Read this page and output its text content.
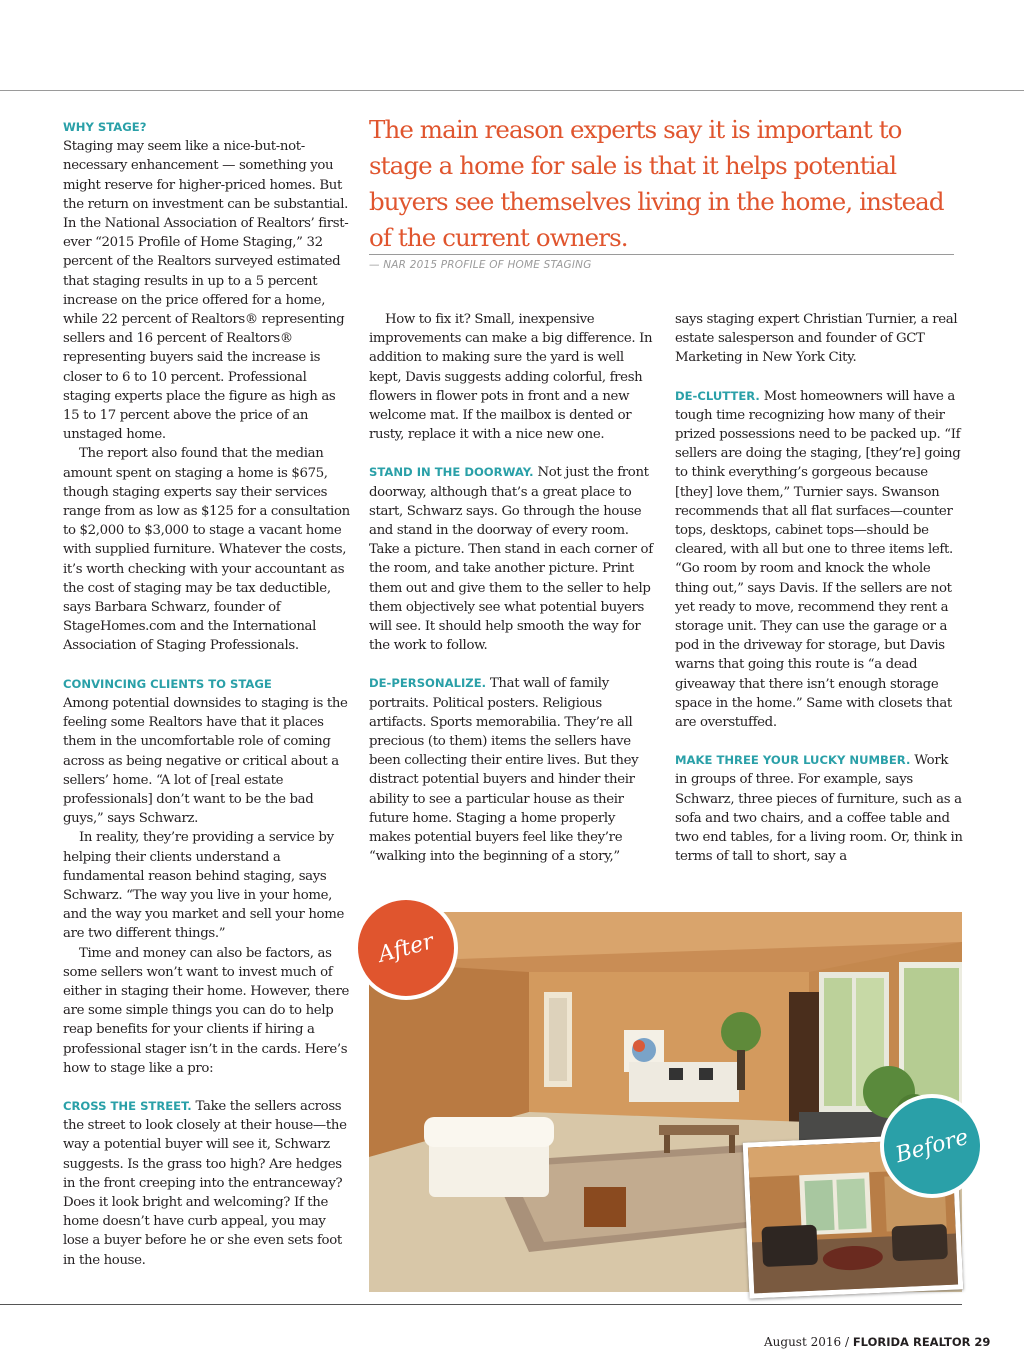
WHY STAGE?

Staging may seem like a nice-but-not-necessary enhancement — something you might reserve for higher-priced homes. But the return on investment can be substantial. In the National Association of Realtors’ first-ever “2015 Profile of Home Staging,” 32 percent of the Realtors surveyed estimated that staging results in up to a 5 percent increase on the price offered for a home, while 22 percent of Realtors® representing sellers and 16 percent of Realtors® representing buyers said the increase is closer to 6 to 10 percent. Professional staging experts place the figure as high as 15 to 17 percent above the price of an unstaged home.

The report also found that the median amount spent on staging a home is $675, though staging experts say their services range from as low as $125 for a consultation to $2,000 to $3,000 to stage a vacant home with supplied furniture. Whatever the costs, it’s worth checking with your accountant as the cost of staging may be tax deductible, says Barbara Schwarz, founder of StageHomes.com and the International Association of Staging Professionals.

CONVINCING CLIENTS TO STAGE

Among potential downsides to staging is the feeling some Realtors have that it places them in the uncomfortable role of coming across as being negative or critical about a sellers’ home. “A lot of [real estate professionals] don’t want to be the bad guys,” says Schwarz.

In reality, they’re providing a service by helping their clients understand a fundamental reason behind staging, says Schwarz. “The way you live in your home, and the way you market and sell your home are two different things.”

Time and money can also be factors, as some sellers won’t want to invest much of either in staging their home. However, there are some simple things you can do to help reap benefits for your clients if hiring a professional stager isn’t in the cards. Here’s how to stage like a pro:

CROSS THE STREET. Take the sellers across the street to look closely at their house—the way a potential buyer will see it, Schwarz suggests. Is the grass too high? Are hedges in the front creeping into the entranceway? Does it look bright and welcoming? If the home doesn’t have curb appeal, you may lose a buyer before he or she even sets foot in the house.

The main reason experts say it is important to stage a home for sale is that it helps potential buyers see themselves living in the home, instead of the current owners.
— NAR 2015 PROFILE OF HOME STAGING

How to fix it? Small, inexpensive improvements can make a big difference. In addition to making sure the yard is well kept, Davis suggests adding colorful, fresh flowers in flower pots in front and a new welcome mat. If the mailbox is dented or rusty, replace it with a nice new one.

STAND IN THE DOORWAY. Not just the front doorway, although that’s a great place to start, Schwarz says. Go through the house and stand in the doorway of every room. Take a picture. Then stand in each corner of the room, and take another picture. Print them out and give them to the seller to help them objectively see what potential buyers will see. It should help smooth the way for the work to follow.

DE-PERSONALIZE. That wall of family portraits. Political posters. Religious artifacts. Sports memorabilia. They’re all precious (to them) items the sellers have been collecting their entire lives. But they distract potential buyers and hinder their ability to see a particular house as their future home. Staging a home properly makes potential buyers feel like they’re “walking into the beginning of a story,”

says staging expert Christian Turnier, a real estate salesperson and founder of GCT Marketing in New York City.

DE-CLUTTER. Most homeowners will have a tough time recognizing how many of their prized possessions need to be packed up. “If sellers are doing the staging, [they’re] going to think everything’s gorgeous because [they] love them,” Turnier says. Swanson recommends that all flat surfaces—counter tops, desktops, cabinet tops—should be cleared, with all but one to three items left. “Go room by room and knock the whole thing out,” says Davis. If the sellers are not yet ready to move, recommend they rent a storage unit. They can use the garage or a pod in the driveway for storage, but Davis warns that going this route is “a dead giveaway that there isn’t enough storage space in the home.” Same with closets that are overstuffed.

MAKE THREE YOUR LUCKY NUMBER. Work in groups of three. For example, says Schwarz, three pieces of furniture, such as a sofa and two chairs, and a coffee table and two end tables, for a living room. Or, think in terms of tall to short, say a

After
Before
August 2016 / FLORIDA REALTOR 29
